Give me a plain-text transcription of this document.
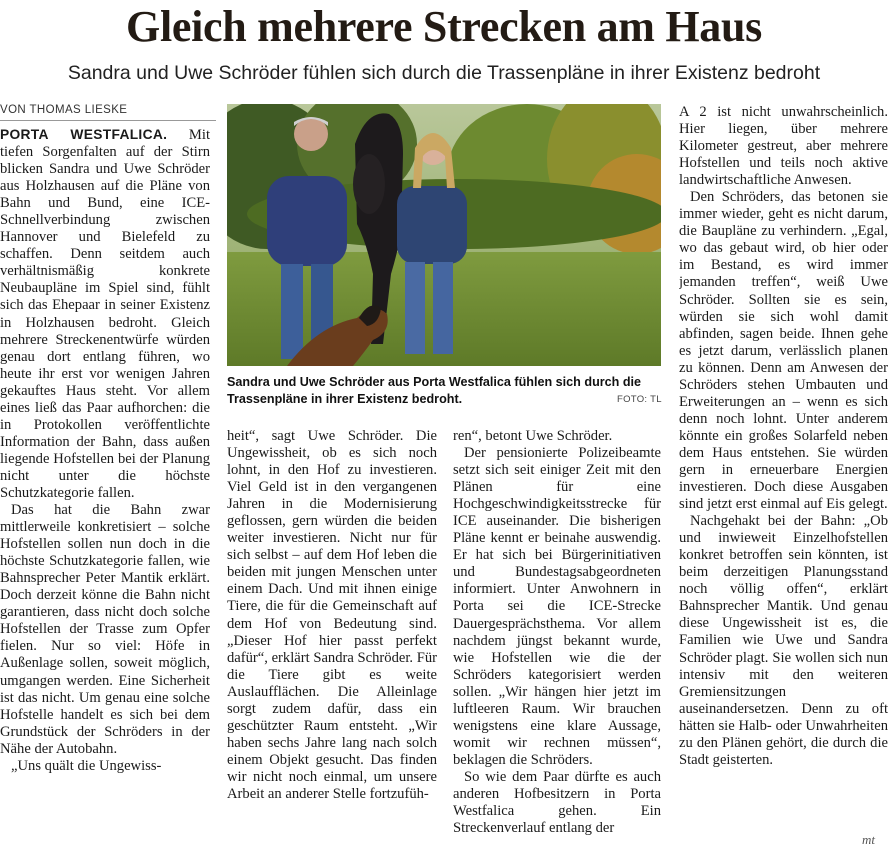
Gleich mehrere Strecken am Haus

Sandra und Uwe Schröder fühlen sich durch die Trassenpläne in ihrer Existenz bedroht

VON THOMAS LIESKE

PORTA WESTFALICA. Mit tiefen Sorgenfalten auf der Stirn blicken Sandra und Uwe Schröder aus Holzhausen auf die Pläne von Bahn und Bund, eine ICE-Schnellverbindung zwischen Hannover und Bielefeld zu schaffen. Denn seitdem auch verhältnismäßig konkrete Neubaupläne im Spiel sind, fühlt sich das Ehepaar in seiner Existenz in Holzhausen bedroht. Gleich mehrere Streckenentwürfe würden genau dort entlang führen, wo heute ihr erst vor wenigen Jahren gekauftes Haus steht. Vor allem eines ließ das Paar aufhorchen: die in Protokollen veröffentlichte Information der Bahn, dass außen liegende Hofstellen bei der Planung nicht unter die höchste Schutzkategorie fallen.

Das hat die Bahn zwar mittlerweile konkretisiert – solche Hofstellen sollen nun doch in die höchste Schutzkategorie fallen, wie Bahnsprecher Peter Mantik erklärt. Doch derzeit könne die Bahn nicht garantieren, dass nicht doch solche Hofstellen der Trasse zum Opfer fielen. Nur so viel: Höfe in Außenlage sollen, soweit möglich, umgangen werden. Eine Sicherheit ist das nicht. Um genau eine solche Hofstelle handelt es sich bei dem Grundstück der Schröders in der Nähe der Autobahn.

„Uns quält die Ungewiss-

Sandra und Uwe Schröder aus Porta Westfalica fühlen sich durch die Trassenpläne in ihrer Existenz bedroht.	FOTO: TL

heit“, sagt Uwe Schröder. Die Ungewissheit, ob es sich noch lohnt, in den Hof zu investieren. Viel Geld ist in den vergangenen Jahren in die Modernisierung geflossen, gern würden die beiden weiter investieren. Nicht nur für sich selbst – auf dem Hof leben die beiden mit jungen Menschen unter einem Dach. Und mit ihnen einige Tiere, die für die Gemeinschaft auf dem Hof von Bedeutung sind. „Dieser Hof hier passt perfekt dafür“, erklärt Sandra Schröder. Für die Tiere gibt es weite Auslaufflächen. Die Alleinlage sorgt zudem dafür, dass ein geschützter Raum entsteht. „Wir haben sechs Jahre lang nach solch einem Objekt gesucht. Das finden wir nicht noch einmal, um unsere Arbeit an anderer Stelle fortzufüh-

ren“, betont Uwe Schröder.

Der pensionierte Polizeibeamte setzt sich seit einiger Zeit mit den Plänen für eine Hochgeschwindigkeitsstrecke für ICE auseinander. Die bisherigen Pläne kennt er beinahe auswendig. Er hat sich bei Bürgerinitiativen und Bundestagsabgeordneten informiert. Unter Anwohnern in Porta sei die ICE-Strecke Dauergesprächsthema. Vor allem nachdem jüngst bekannt wurde, wie Hofstellen wie die der Schröders kategorisiert werden sollen. „Wir hängen hier jetzt im luftleeren Raum. Wir brauchen wenigstens eine klare Aussage, womit wir rechnen müssen“, beklagen die Schröders.

So wie dem Paar dürfte es auch anderen Hofbesitzern in Porta Westfalica gehen. Ein Streckenverlauf entlang der

A 2 ist nicht unwahrscheinlich. Hier liegen, über mehrere Kilometer gestreut, aber mehrere Hofstellen und teils noch aktive landwirtschaftliche Anwesen.

Den Schröders, das betonen sie immer wieder, geht es nicht darum, die Baupläne zu verhindern. „Egal, wo das gebaut wird, ob hier oder im Bestand, es wird immer jemanden treffen“, weiß Uwe Schröder. Sollten sie es sein, würden sie sich wohl damit abfinden, sagen beide. Ihnen gehe es jetzt darum, verlässlich planen zu können. Denn am Anwesen der Schröders stehen Umbauten und Erweiterungen an – wenn es sich denn noch lohnt. Unter anderem könnte ein großes Solarfeld neben dem Haus entstehen. Sie würden gern in erneuerbare Energien investieren. Doch diese Ausgaben sind jetzt erst einmal auf Eis gelegt.

Nachgehakt bei der Bahn: „Ob und inwieweit Einzelhofstellen konkret betroffen sein könnten, ist beim derzeitigen Planungsstand noch völlig offen“, erklärt Bahnsprecher Mantik. Und genau diese Ungewissheit ist es, die Familien wie Uwe und Sandra Schröder plagt. Sie wollen sich nun intensiv mit den weiteren Gremiensitzungen auseinandersetzen. Denn zu oft hätten sie Halb- oder Unwahrheiten zu den Plänen gehört, die durch die Stadt geisterten.

mt
